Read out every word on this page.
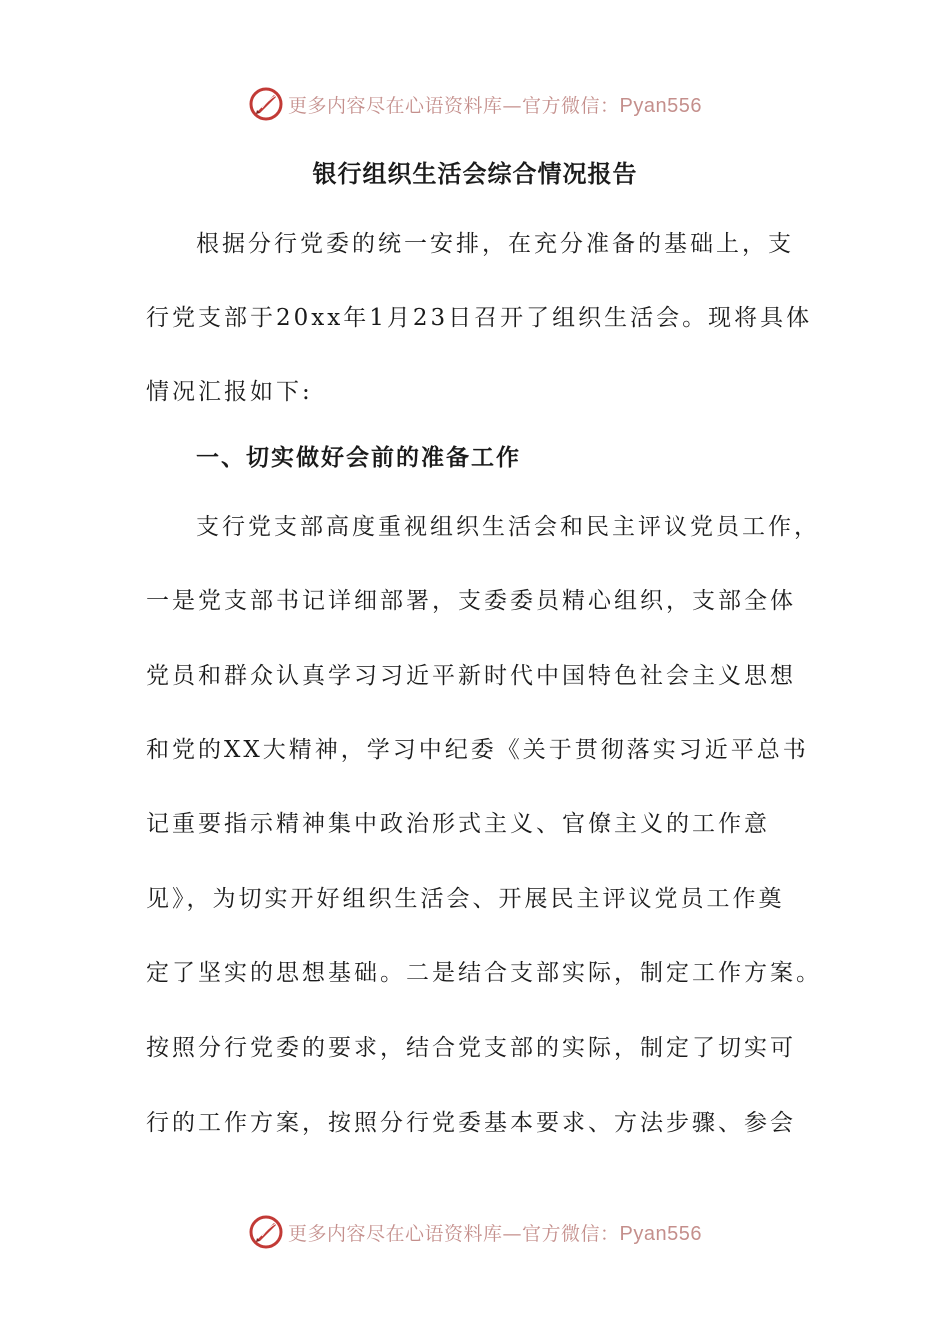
更多内容尽在心语资料库—官方微信：Pyan556
银行组织生活会综合情况报告
根据分行党委的统一安排，在充分准备的基础上，支
行党支部于20xx年1月23日召开了组织生活会。现将具体
情况汇报如下:
一、切实做好会前的准备工作
支行党支部高度重视组织生活会和民主评议党员工作，
一是党支部书记详细部署，支委委员精心组织，支部全体
党员和群众认真学习习近平新时代中国特色社会主义思想
和党的XX大精神，学习中纪委《关于贯彻落实习近平总书
记重要指示精神集中政治形式主义、官僚主义的工作意
见》，为切实开好组织生活会、开展民主评议党员工作奠
定了坚实的思想基础。二是结合支部实际，制定工作方案。
按照分行党委的要求，结合党支部的实际，制定了切实可
行的工作方案，按照分行党委基本要求、方法步骤、参会
更多内容尽在心语资料库—官方微信：Pyan556
